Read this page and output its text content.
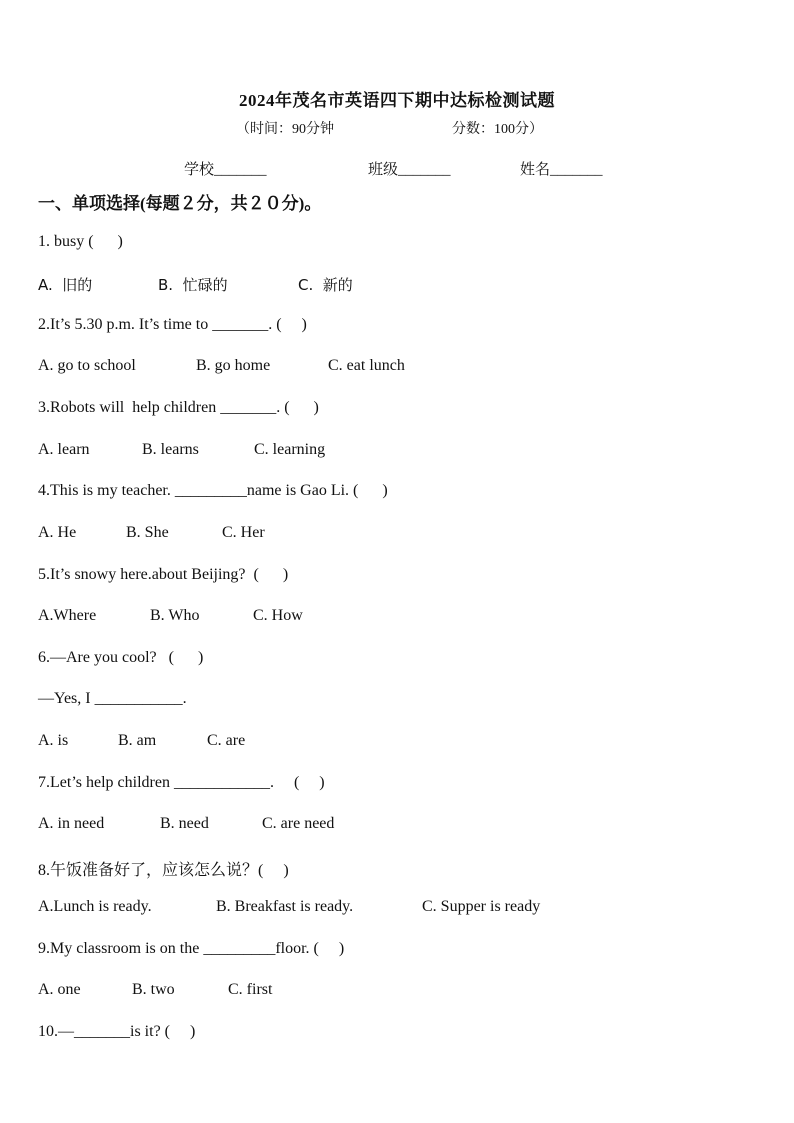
2024年茂名市英语四下期中达标检测试题
（时间：90分钟	分数：100分）
学校_______	班级_______	姓名_______
一、单项选择(每题２分，共２０分)。
1. busy (      )
A.  旧的	B.  忙碌的	C.  新的
2.It’s 5.30 p.m. It’s time to _______. (     )
A. go to school	B. go home	C. eat lunch
3.Robots will  help children _______. (      )
A. learn	B. learns	C. learning
4.This is my teacher. _________name is Gao Li. (      )
A. He	B. She	C. Her
5.It’s snowy here.about Beijing?  (      )
A.Where	B. Who	C. How
6.—Are you cool?   (      )
—Yes, I ___________.
A. is	B. am	C. are
7.Let’s help children ____________.     (     )
A. in need	B. need	C. are need
8.午饭准备好了，应该怎么说？(     )
A.Lunch is ready.	B. Breakfast is ready.	C. Supper is ready
9.My classroom is on the _________floor. (     )
A. one	B. two	C. first
10.—_______is it? (     )
